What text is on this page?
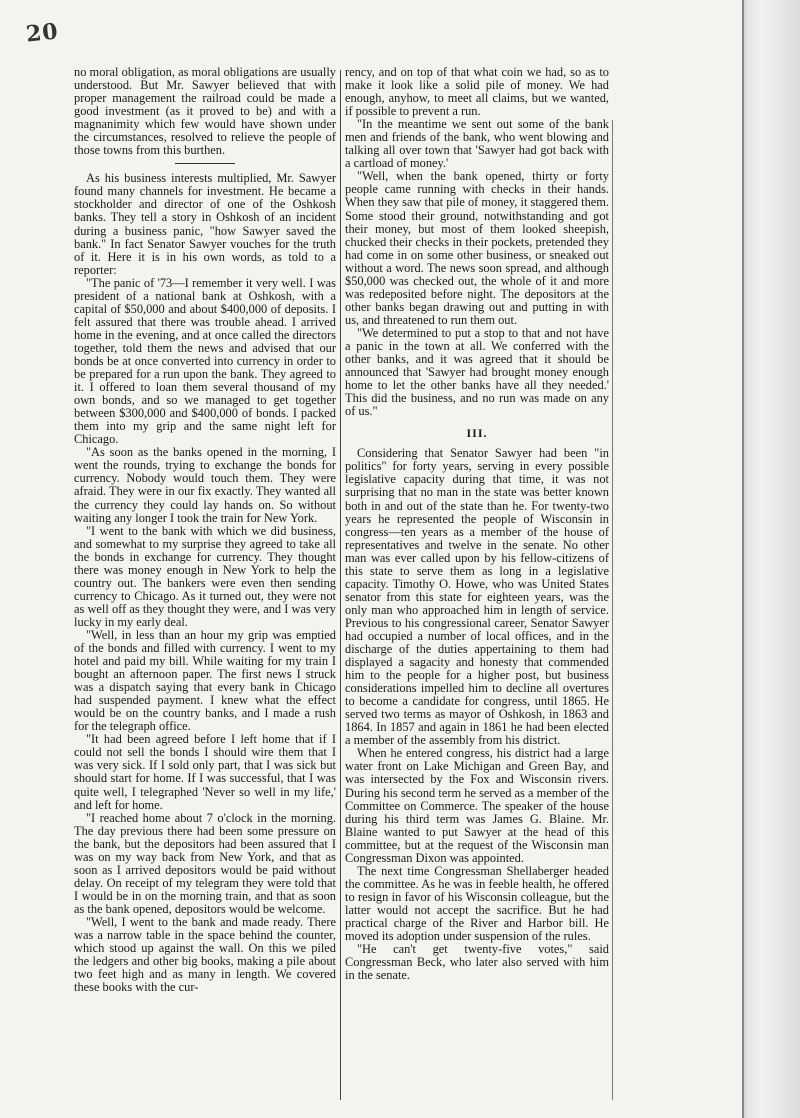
20

no moral obligation, as moral obligations are usually understood. But Mr. Sawyer believed that with proper management the railroad could be made a good investment (as it proved to be) and with a magnanimity which few would have shown under the circumstances, resolved to relieve the people of those towns from this burthen.

As his business interests multiplied, Mr. Sawyer found many channels for investment. He became a stockholder and director of one of the Oshkosh banks. They tell a story in Oshkosh of an incident during a business panic, "how Sawyer saved the bank." In fact Senator Sawyer vouches for the truth of it. Here it is in his own words, as told to a reporter:

"The panic of '73—I remember it very well. I was president of a national bank at Oshkosh, with a capital of $50,000 and about $400,000 of deposits. I felt assured that there was trouble ahead. I arrived home in the evening, and at once called the directors together, told them the news and advised that our bonds be at once converted into currency in order to be prepared for a run upon the bank. They agreed to it. I offered to loan them several thousand of my own bonds, and so we managed to get together between $300,000 and $400,000 of bonds. I packed them into my grip and the same night left for Chicago.

"As soon as the banks opened in the morning, I went the rounds, trying to exchange the bonds for currency. Nobody would touch them. They were afraid. They were in our fix exactly. They wanted all the currency they could lay hands on. So without waiting any longer I took the train for New York.

"I went to the bank with which we did business, and somewhat to my surprise they agreed to take all the bonds in exchange for currency. They thought there was money enough in New York to help the country out. The bankers were even then sending currency to Chicago. As it turned out, they were not as well off as they thought they were, and I was very lucky in my early deal.

"Well, in less than an hour my grip was emptied of the bonds and filled with currency. I went to my hotel and paid my bill. While waiting for my train I bought an afternoon paper. The first news I struck was a dispatch saying that every bank in Chicago had suspended payment. I knew what the effect would be on the country banks, and I made a rush for the telegraph office.

"It had been agreed before I left home that if I could not sell the bonds I should wire them that I was very sick. If I sold only part, that I was sick but should start for home. If I was successful, that I was quite well, I telegraphed 'Never so well in my life,' and left for home.

"I reached home about 7 o'clock in the morning. The day previous there had been some pressure on the bank, but the depositors had been assured that I was on my way back from New York, and that as soon as I arrived depositors would be paid without delay. On receipt of my telegram they were told that I would be in on the morning train, and that as soon as the bank opened, depositors would be welcome.

"Well, I went to the bank and made ready. There was a narrow table in the space behind the counter, which stood up against the wall. On this we piled the ledgers and other big books, making a pile about two feet high and as many in length. We covered these books with the cur-

rency, and on top of that what coin we had, so as to make it look like a solid pile of money. We had enough, anyhow, to meet all claims, but we wanted, if possible to prevent a run.

"In the meantime we sent out some of the bank men and friends of the bank, who went blowing and talking all over town that 'Sawyer had got back with a cartload of money.'

"Well, when the bank opened, thirty or forty people came running with checks in their hands. When they saw that pile of money, it staggered them. Some stood their ground, notwithstanding and got their money, but most of them looked sheepish, chucked their checks in their pockets, pretended they had come in on some other business, or sneaked out without a word. The news soon spread, and although $50,000 was checked out, the whole of it and more was redeposited before night. The depositors at the other banks began drawing out and putting in with us, and threatened to run them out.

"We determined to put a stop to that and not have a panic in the town at all. We conferred with the other banks, and it was agreed that it should be announced that 'Sawyer had brought money enough home to let the other banks have all they needed.' This did the business, and no run was made on any of us."

III.

Considering that Senator Sawyer had been "in politics" for forty years, serving in every possible legislative capacity during that time, it was not surprising that no man in the state was better known both in and out of the state than he. For twenty-two years he represented the people of Wisconsin in congress—ten years as a member of the house of representatives and twelve in the senate. No other man was ever called upon by his fellow-citizens of this state to serve them as long in a legislative capacity. Timothy O. Howe, who was United States senator from this state for eighteen years, was the only man who approached him in length of service. Previous to his congressional career, Senator Sawyer had occupied a number of local offices, and in the discharge of the duties appertaining to them had displayed a sagacity and honesty that commended him to the people for a higher post, but business considerations impelled him to decline all overtures to become a candidate for congress, until 1865. He served two terms as mayor of Oshkosh, in 1863 and 1864. In 1857 and again in 1861 he had been elected a member of the assembly from his district.

When he entered congress, his district had a large water front on Lake Michigan and Green Bay, and was intersected by the Fox and Wisconsin rivers. During his second term he served as a member of the Committee on Commerce. The speaker of the house during his third term was James G. Blaine. Mr. Blaine wanted to put Sawyer at the head of this committee, but at the request of the Wisconsin man Congressman Dixon was appointed.

The next time Congressman Shellaberger headed the committee. As he was in feeble health, he offered to resign in favor of his Wisconsin colleague, but the latter would not accept the sacrifice. But he had practical charge of the River and Harbor bill. He moved its adoption under suspension of the rules.

"He can't get twenty-five votes," said Congressman Beck, who later also served with him in the senate.
